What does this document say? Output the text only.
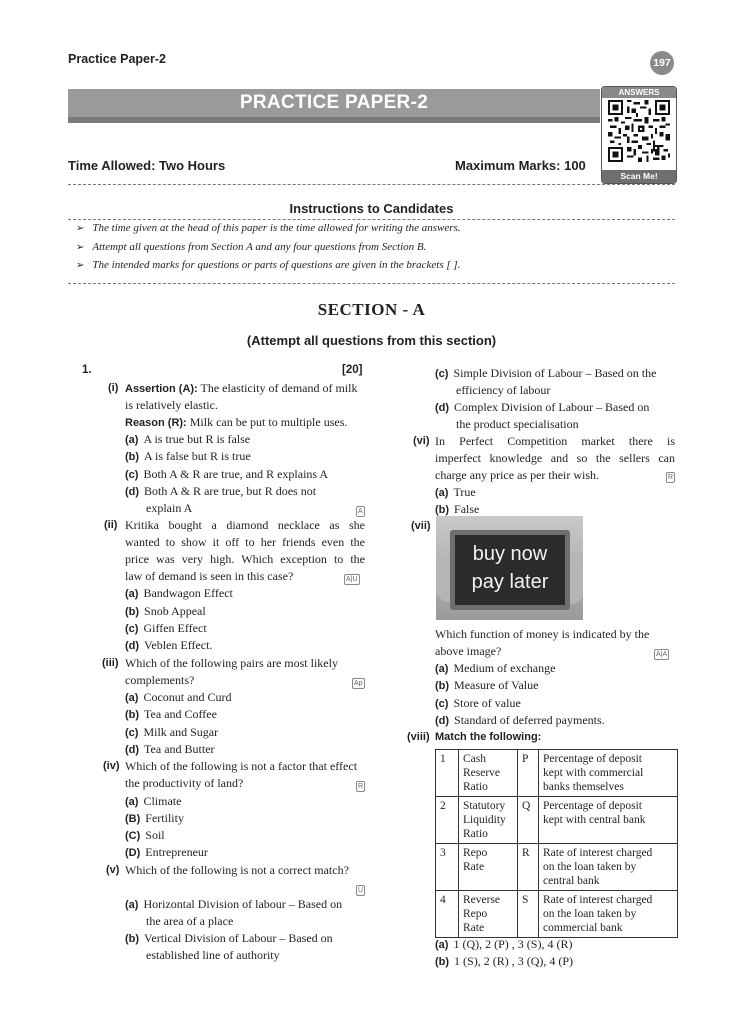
Practice Paper-2	197
PRACTICE PAPER-2	ANSWERS
Scan Me!
Time Allowed: Two Hours	Maximum Marks: 100
Instructions to Candidates
➢ The time given at the head of this paper is the time allowed for writing the answers.
➢ Attempt all questions from Section A and any four questions from Section B.
➢ The intended marks for questions or parts of questions are given in the brackets [ ].
SECTION - A
(Attempt all questions from this section)
1.	[20]
(i) Assertion (A): The elasticity of demand of milk
is relatively elastic.
Reason (R): Milk can be put to multiple uses.
(a) A is true but R is false
(b) A is false but R is true
(c) Both A & R are true, and R explains A
(d) Both A & R are true, but R does not
explain A	A
(ii) Kritika bought a diamond necklace as she
wanted to show it off to her friends even the
price was very high. Which exception to the
law of demand is seen in this case?	A|U
(a) Bandwagon Effect
(b) Snob Appeal
(c) Giffen Effect
(d) Veblen Effect.
(iii) Which of the following pairs are most likely
complements?	Ap
(a) Coconut and Curd
(b) Tea and Coffee
(c) Milk and Sugar
(d) Tea and Butter
(iv) Which of the following is not a factor that effect
the productivity of land?	R
(a) Climate
(B) Fertility
(C) Soil
(D) Entrepreneur
(v) Which of the following is not a correct match?
U
(a) Horizontal Division of labour – Based on
the area of a place
(b) Vertical Division of Labour – Based on
established line of authority
(c) Simple Division of Labour – Based on the
efficiency of labour
(d) Complex Division of Labour – Based on
the product specialisation
(vi) In Perfect Competition market there is
imperfect knowledge and so the sellers can
charge any price as per their wish.	R
(a) True
(b) False
(vii)
buy now
pay later
Which function of money is indicated by the
above image?	A|A
(a) Medium of exchange
(b) Measure of Value
(c) Store of value
(d) Standard of deferred payments.
(viii) Match the following:
1	Cash
Reserve
Ratio	P	Percentage of deposit
kept with commercial
banks themselves
2	Statutory
Liquidity
Ratio	Q	Percentage of deposit
kept with central bank
3	Repo
Rate	R	Rate of interest charged
on the loan taken by
central bank
4	Reverse
Repo
Rate	S	Rate of interest charged
on the loan taken by
commercial bank
(a) 1 (Q), 2 (P) , 3 (S), 4 (R)
(b) 1 (S), 2 (R) , 3 (Q), 4 (P)
